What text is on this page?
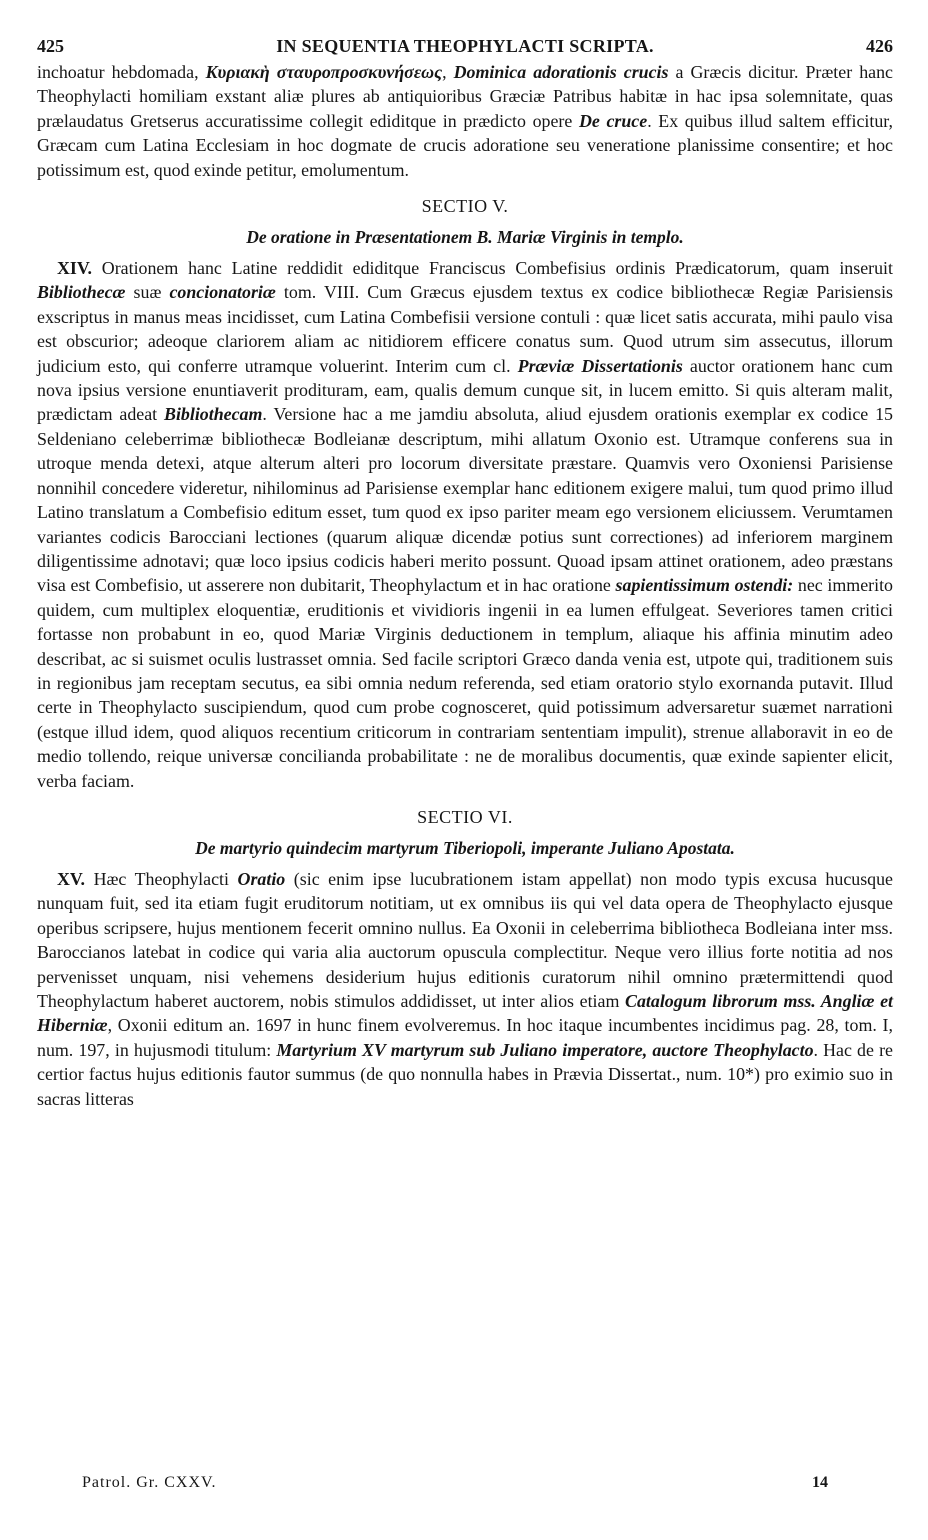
425	IN SEQUENTIA THEOPHYLACTI SCRIPTA.	426

inchoatur hebdomada, Κυριακὴ σταυροπροσκυνήσεως, Dominica adorationis crucis a Græcis dicitur. Præter hanc Theophylacti homiliam exstant aliæ plures ab antiquioribus Græciæ Patribus habitæ in hac ipsa solemnitate, quas prælaudatus Gretserus accuratissime collegit ediditque in prædicto opere De cruce. Ex quibus illud saltem efficitur, Græcam cum Latina Ecclesiam in hoc dogmate de crucis adoratione seu veneratione planissime consentire; et hoc potissimum est, quod exinde petitur, emolumentum.

SECTIO V.
De oratione in Præsentationem B. Mariæ Virginis in templo.

XIV. Orationem hanc Latine reddidit ediditque Franciscus Combefisius ordinis Prædicatorum, quam inseruit Bibliothecæ suæ concionatoriæ tom. VIII. Cum Græcus ejusdem textus ex codice bibliothecæ Regiæ Parisiensis exscriptus in manus meas incidisset, cum Latina Combefisii versione contuli : quæ licet satis accurata, mihi paulo visa est obscurior; adeoque clariorem aliam ac nitidiorem efficere conatus sum. Quod utrum sim assecutus, illorum judicium esto, qui conferre utramque voluerint. Interim cum cl. Præviæ Dissertationis auctor orationem hanc cum nova ipsius versione enuntiaverit prodituram, eam, qualis demum cunque sit, in lucem emitto. Si quis alteram malit, prædictam adeat Bibliothecam. Versione hac a me jamdiu absoluta, aliud ejusdem orationis exemplar ex codice 15 Seldeniano celeberrimæ bibliothecæ Bodleianæ descriptum, mihi allatum Oxonio est. Utramque conferens sua in utroque menda detexi, atque alterum alteri pro locorum diversitate præstare. Quamvis vero Oxoniensi Parisiense nonnihil concedere videretur, nihilominus ad Parisiense exemplar hanc editionem exigere malui, tum quod primo illud Latino translatum a Combefisio editum esset, tum quod ex ipso pariter meam ego versionem eliciussem. Verumtamen variantes codicis Barocciani lectiones (quarum aliquæ dicendæ potius sunt correctiones) ad inferiorem marginem diligentissime adnotavi; quæ loco ipsius codicis haberi merito possunt. Quoad ipsam attinet orationem, adeo præstans visa est Combefisio, ut asserere non dubitarit, Theophylactum et in hac oratione sapientissimum ostendi: nec immerito quidem, cum multiplex eloquentiæ, eruditionis et vividioris ingenii in ea lumen effulgeat. Severiores tamen critici fortasse non probabunt in eo, quod Mariæ Virginis deductionem in templum, aliaque his affinia minutim adeo describat, ac si suismet oculis lustrasset omnia. Sed facile scriptori Græco danda venia est, utpote qui, traditionem suis in regionibus jam receptam secutus, ea sibi omnia nedum referenda, sed etiam oratorio stylo exornanda putavit. Illud certe in Theophylacto suscipiendum, quod cum probe cognosceret, quid potissimum adversaretur suæmet narrationi (estque illud idem, quod aliquos recentium criticorum in contrariam sententiam impulit), strenue allaboravit in eo de medio tollendo, reique universæ concilianda probabilitate : ne de moralibus documentis, quæ exinde sapienter elicit, verba faciam.

SECTIO VI.
De martyrio quindecim martyrum Tiberiopoli, imperante Juliano Apostata.

XV. Hæc Theophylacti Oratio (sic enim ipse lucubrationem istam appellat) non modo typis excusa hucusque nunquam fuit, sed ita etiam fugit eruditorum notitiam, ut ex omnibus iis qui vel data opera de Theophylacto ejusque operibus scripsere, hujus mentionem fecerit omnino nullus. Ea Oxonii in celeberrima bibliotheca Bodleiana inter mss. Baroccianos latebat in codice qui varia alia auctorum opuscula complectitur. Neque vero illius forte notitia ad nos pervenisset unquam, nisi vehemens desiderium hujus editionis curatorum nihil omnino prætermittendi quod Theophylactum haberet auctorem, nobis stimulos addidisset, ut inter alios etiam Catalogum librorum mss. Angliæ et Hiberniæ, Oxonii editum an. 1697 in hunc finem evolveremus. In hoc itaque incumbentes incidimus pag. 28, tom. I, num. 197, in hujusmodi titulum: Martyrium XV martyrum sub Juliano imperatore, auctore Theophylacto. Hac de re certior factus hujus editionis fautor summus (de quo nonnulla habes in Prævia Dissertat., num. 10*) pro eximio suo in sacras litteras

Patrol. Gr. CXXV.	14
